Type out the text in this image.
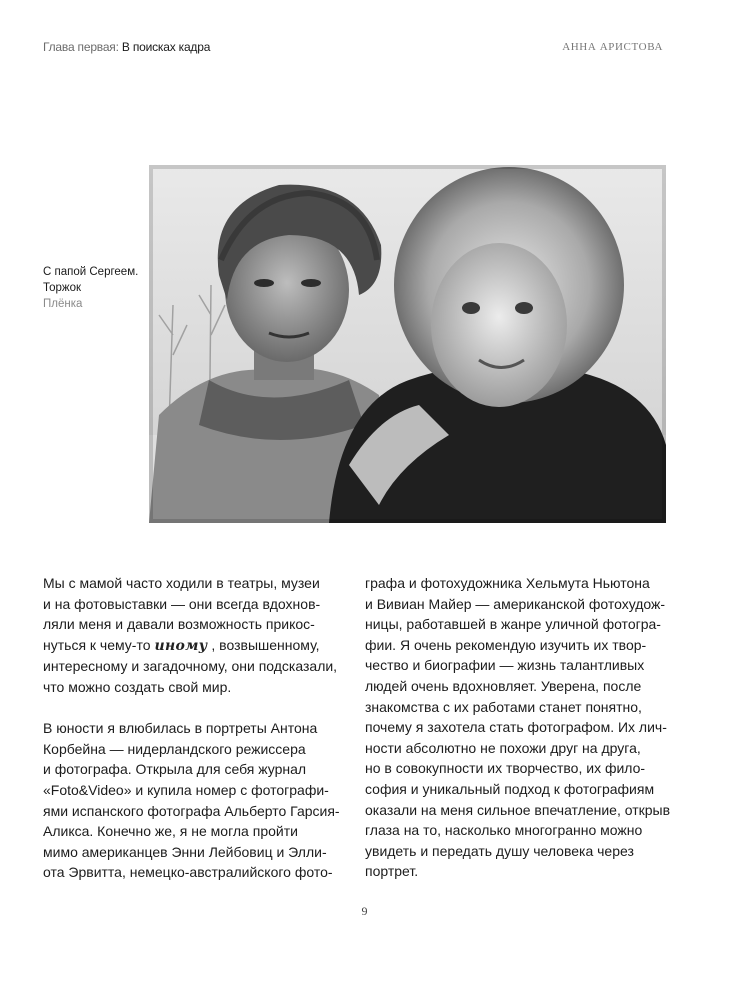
Глава первая: В поисках кадра	АННА АРИСТОВА
С папой Сергеем.
Торжок
Плёнка

Мы с мамой часто ходили в театры, музеи
и на фотовыставки — они всегда вдохнов-
ляли меня и давали возможность прикос-
нуться к чему-то иному , возвышенному,
интересному и загадочному, они подсказали,
что можно создать свой мир.

В юности я влюбилась в портреты Антона
Корбейна — нидерландского режиссера
и фотографа. Открыла для себя журнал
«Foto&Video» и купила номер с фотографи-
ями испанского фотографа Альберто Гарсия-
Аликса. Конечно же, я не могла пройти
мимо американцев Энни Лейбовиц и Элли-
ота Эрвитта, немецко-австралийского фото-

графа и фотохудожника Хельмута Ньютона
и Вивиан Майер — американской фотохудож-
ницы, работавшей в жанре уличной фотогра-
фии. Я очень рекомендую изучить их твор-
чество и биографии — жизнь талантливых
людей очень вдохновляет. Уверена, после
знакомства с их работами станет понятно,
почему я захотела стать фотографом. Их лич-
ности абсолютно не похожи друг на друга,
но в совокупности их творчество, их фило-
софия и уникальный подход к фотографиям
оказали на меня сильное впечатление, открыв
глаза на то, насколько многогранно можно
увидеть и передать душу человека через
портрет.

9
